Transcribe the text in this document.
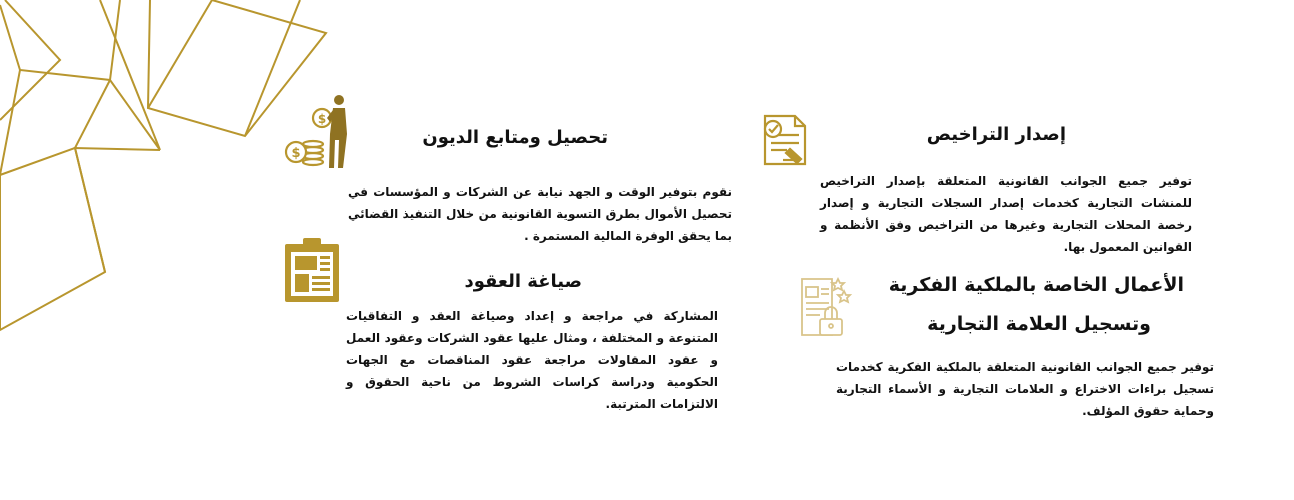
إصدار التراخيص
توفير جميع الجوانب القانونية المتعلقة بإصدار التراخيص للمنشات التجارية كخدمات إصدار السجلات التجارية و إصدار رخصة المحلات التجارية وغيرها من التراخيص وفق الأنظمة و القوانين المعمول بها.
$
$
تحصيل ومتابع الديون
نقوم بتوفير الوقت و الجهد نيابة عن الشركات و المؤسسات في تحصيل الأموال بطرق التسوية القانونية من خلال التنفيذ القضائي بما يحقق الوفرة المالية المستمرة .
الأعمال الخاصة بالملكية الفكرية
وتسجيل العلامة التجارية
توفير جميع الجوانب القانونية المتعلقة بالملكية الفكرية كخدمات تسجيل براءات الاختراع و العلامات التجارية و الأسماء التجارية وحماية حقوق المؤلف.
صياغة العقود
المشاركة في مراجعة و إعداد وصياغة العقد و التفاقيات المتنوعة و المختلفة ، ومثال عليها عقود الشركات وعقود العمل و عقود المقاولات مراجعة عقود المناقصات مع الجهات الحكومية ودراسة كراسات الشروط من ناحية الحقوق و الالتزامات المترتبة.
